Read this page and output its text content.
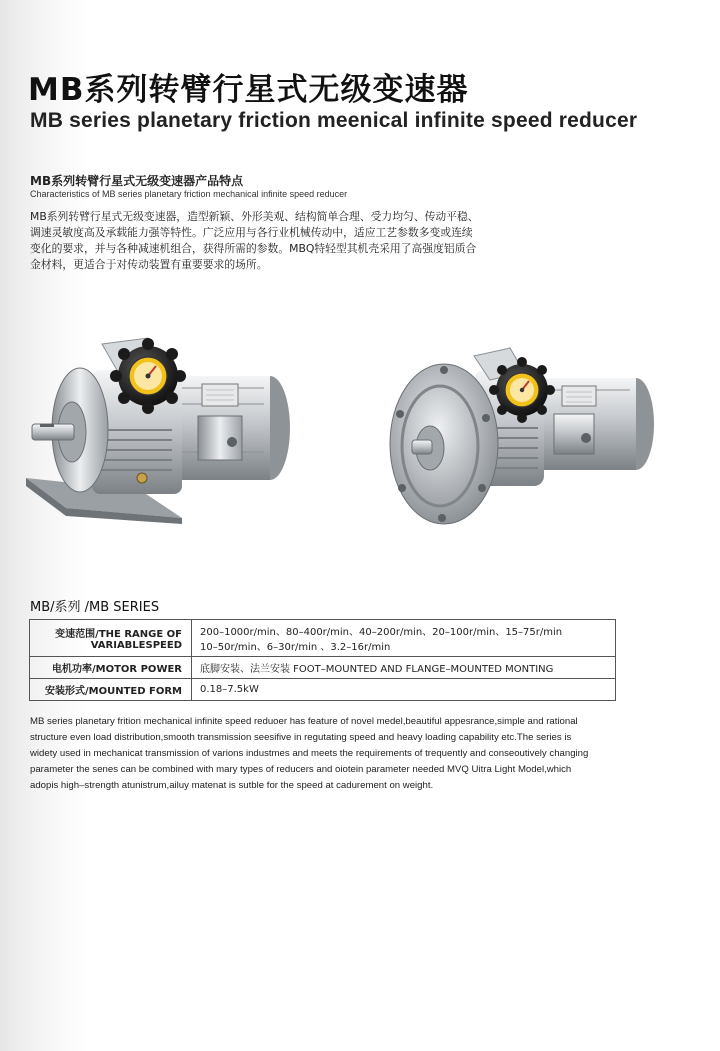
MB系列转臂行星式无级变速器
MB series planetary friction meenical infinite speed reducer
MB系列转臂行星式无级变速器产品特点
Characteristics of MB series planetary friction mechanical infinite speed reducer

MB系列转臂行星式无级变速器，造型新颖、外形美观、结构简单合理、受力均匀、传动平稳、
调速灵敏度高及承载能力强等特性。广泛应用与各行业机械传动中，适应工艺参数多变或连续
变化的要求，并与各种减速机组合，获得所需的参数。MBQ特轻型其机壳采用了高强度铝质合
金材料，更适合于对传动装置有重要要求的场所。

MB/系列 /MB SERIES
变速范围/THE RANGE OF
VARIABLESPEED	200–1000r/min、80–400r/min、40–200r/min、20–100r/min、15–75r/min
10–50r/min、6–30r/min 、3.2–16r/min

电机功率/MOTOR POWER	底脚安装、法兰安装 FOOT–MOUNTED AND FLANGE–MOUNTED MONTING

安装形式/MOUNTED FORM	0.18–7.5kW

MB series planetary frition mechanical infinite speed reduoer has feature of novel medel,beautiful appesrance,simple and rational
structure even load distribution,smooth transmission seesifive in regutating speed and heavy loading capability etc.The series is
widety used in mechanicat transmission of varions industmes and meets the requirements of trequently and conseoutively changing
parameter the senes can be combined with mary types of reducers and oiotein parameter needed MVQ Uitra Light Model,which
adopis high–strength atunistrum,ailuy matenat is sutble for the speed at cadurement on weight.
